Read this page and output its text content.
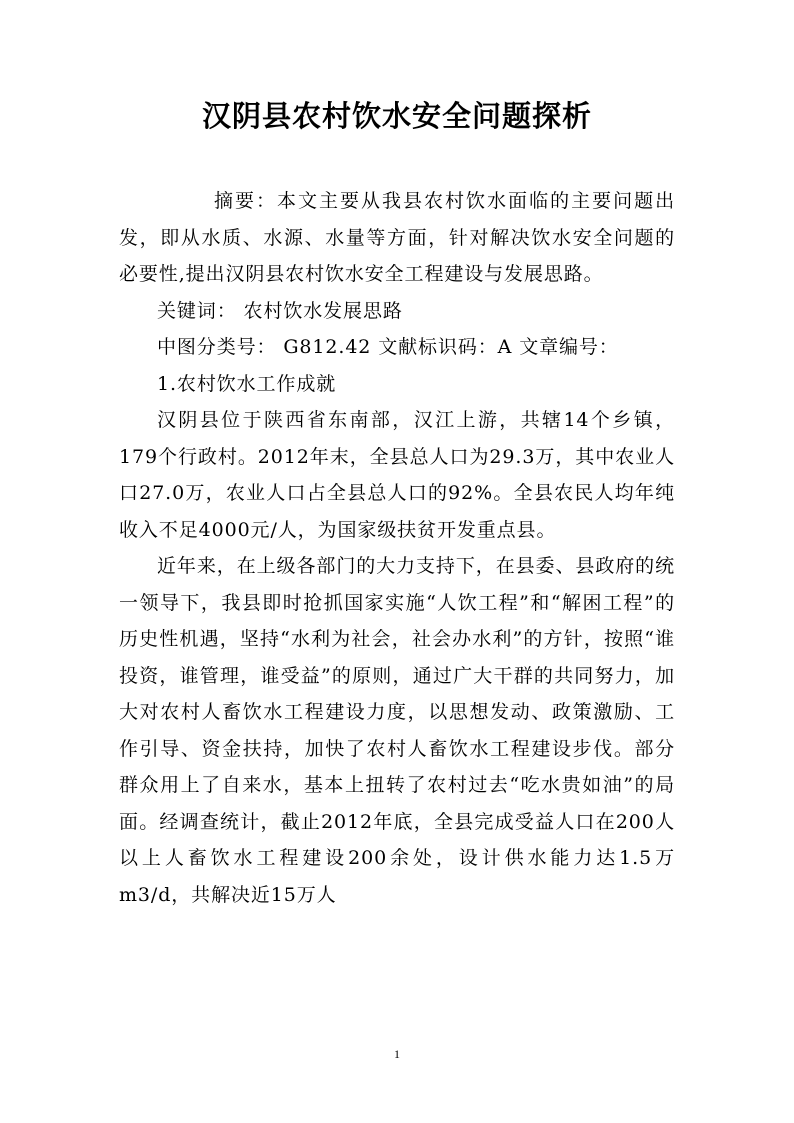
汉阴县农村饮水安全问题探析

摘要：本文主要从我县农村饮水面临的主要问题出发，即从水质、水源、水量等方面，针对解决饮水安全问题的必要性,提出汉阴县农村饮水安全工程建设与发展思路。

关键词： 农村饮水发展思路

中图分类号： G812.42 文献标识码：A 文章编号：

1.农村饮水工作成就

汉阴县位于陕西省东南部，汉江上游，共辖14个乡镇，179个行政村。2012年末，全县总人口为29.3万，其中农业人口27.0万，农业人口占全县总人口的92%。全县农民人均年纯收入不足4000元/人，为国家级扶贫开发重点县。

近年来，在上级各部门的大力支持下，在县委、县政府的统一领导下，我县即时抢抓国家实施“人饮工程”和“解困工程”的历史性机遇，坚持“水利为社会，社会办水利”的方针，按照“谁投资，谁管理，谁受益”的原则，通过广大干群的共同努力，加大对农村人畜饮水工程建设力度，以思想发动、政策激励、工作引导、资金扶持，加快了农村人畜饮水工程建设步伐。部分群众用上了自来水，基本上扭转了农村过去“吃水贵如油”的局面。经调查统计，截止2012年底，全县完成受益人口在200人以上人畜饮水工程建设200余处，设计供水能力达1.5万m3/d，共解决近15万人

1
